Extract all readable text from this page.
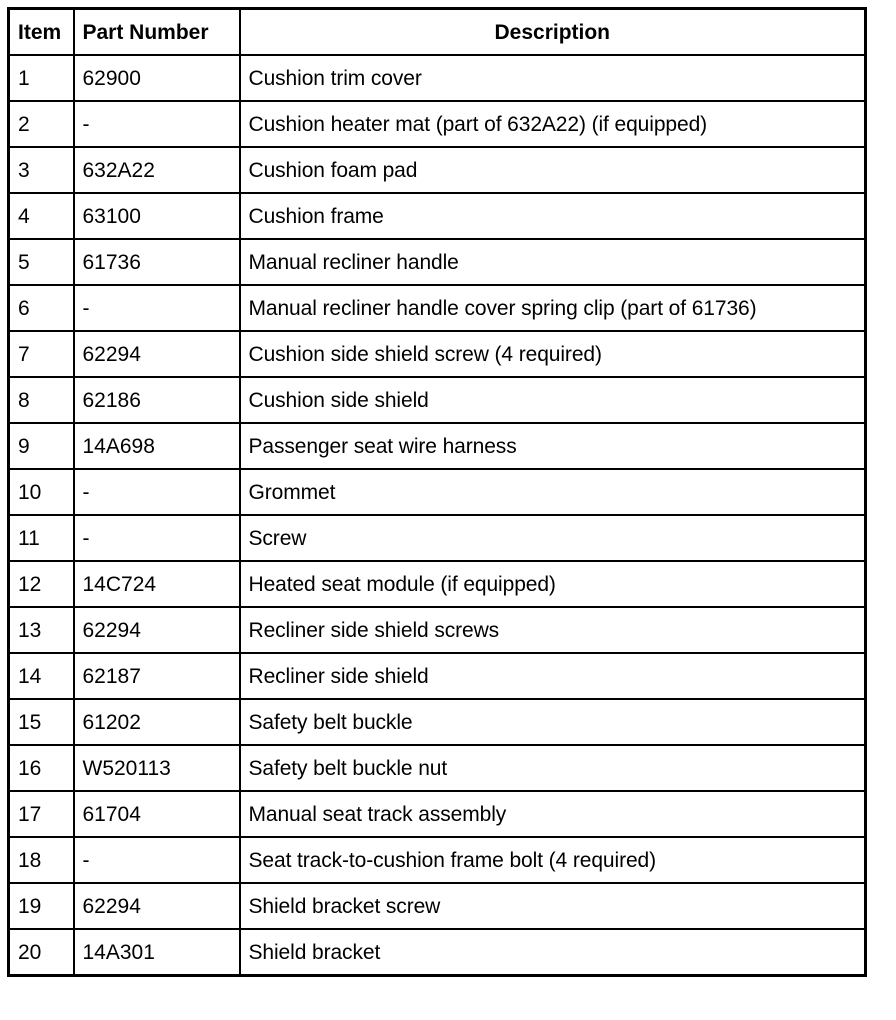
Item	Part Number	Description
1	62900	Cushion trim cover
2	-	Cushion heater mat (part of 632A22) (if equipped)
3	632A22	Cushion foam pad
4	63100	Cushion frame
5	61736	Manual recliner handle
6	-	Manual recliner handle cover spring clip (part of 61736)
7	62294	Cushion side shield screw (4 required)
8	62186	Cushion side shield
9	14A698	Passenger seat wire harness
10	-	Grommet
11	-	Screw
12	14C724	Heated seat module (if equipped)
13	62294	Recliner side shield screws
14	62187	Recliner side shield
15	61202	Safety belt buckle
16	W520113	Safety belt buckle nut
17	61704	Manual seat track assembly
18	-	Seat track-to-cushion frame bolt (4 required)
19	62294	Shield bracket screw
20	14A301	Shield bracket
